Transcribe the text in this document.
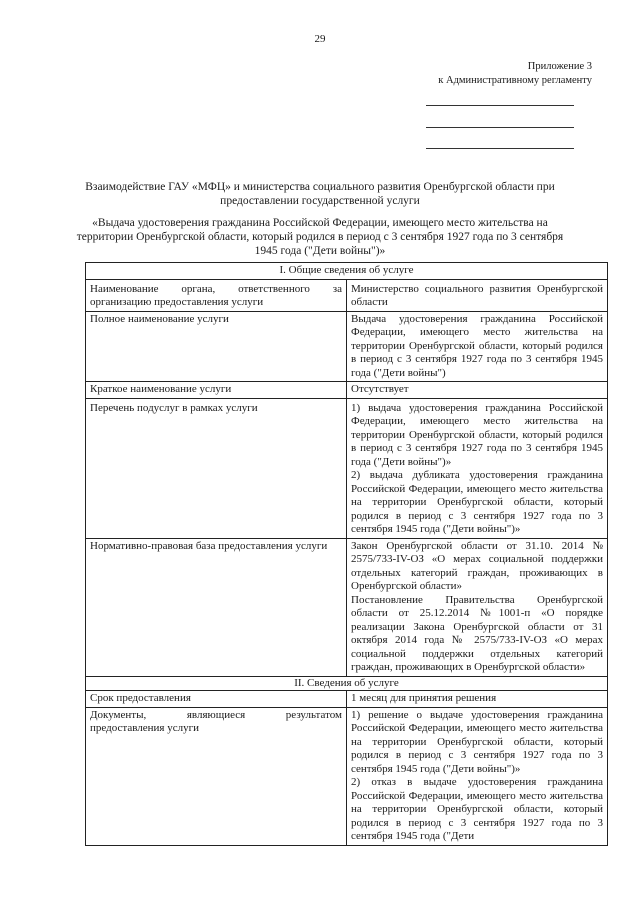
29
Приложение 3
к Административному регламенту
Взаимодействие ГАУ «МФЦ» и министерства социального развития Оренбургской области при предоставлении государственной услуги
«Выдача удостоверения гражданина Российской Федерации, имеющего место жительства на территории Оренбургской области, который родился в период с 3 сентября 1927 года по 3 сентября 1945 года ("Дети войны")»
I. Общие сведения об услуге	
Наименование органа, ответственного за организацию предоставления услуги	Министерство социального развития Оренбургской области

Полное наименование услуги	Выдача удостоверения гражданина Российской Федерации, имеющего место жительства на территории Оренбургской области, который родился в период с 3 сентября 1927 года по 3 сентября 1945 года ("Дети войны")

Краткое наименование услуги	Отсутствует

Перечень подуслуг в рамках услуги	1) выдача удостоверения гражданина Российской Федерации, имеющего место жительства на территории Оренбургской области, который родился в период с 3 сентября 1927 года по 3 сентября 1945 года ("Дети войны")»
2) выдача дубликата удостоверения гражданина Российской Федерации, имеющего место жительства на территории Оренбургской области, который родился в период с 3 сентября 1927 года по 3 сентября 1945 года ("Дети войны")»

Нормативно-правовая база предоставления услуги	Закон Оренбургской области от 31.10. 2014 № 2575/733-IV-ОЗ «О мерах социальной поддержки отдельных категорий граждан, проживающих в Оренбургской области»
Постановление Правительства Оренбургской области от 25.12.2014 №1001-п «О порядке реализации Закона Оренбургской области от 31 октября 2014 года № 2575/733-IV-ОЗ «О мерах социальной поддержки отдельных категорий граждан, проживающих в Оренбургской области»

II. Сведения об услуге	
Срок предоставления	1 месяц для принятия решения

Документы, являющиеся результатом предоставления услуги	1) решение о выдаче удостоверения гражданина Российской Федерации, имеющего место жительства на территории Оренбургской области, который родился в период с 3 сентября 1927 года по 3 сентября 1945 года ("Дети войны")»
2) отказ в выдаче удостоверения гражданина Российской Федерации, имеющего место жительства на территории Оренбургской области, который родился в период с 3 сентября 1927 года по 3 сентября 1945 года ("Дети
